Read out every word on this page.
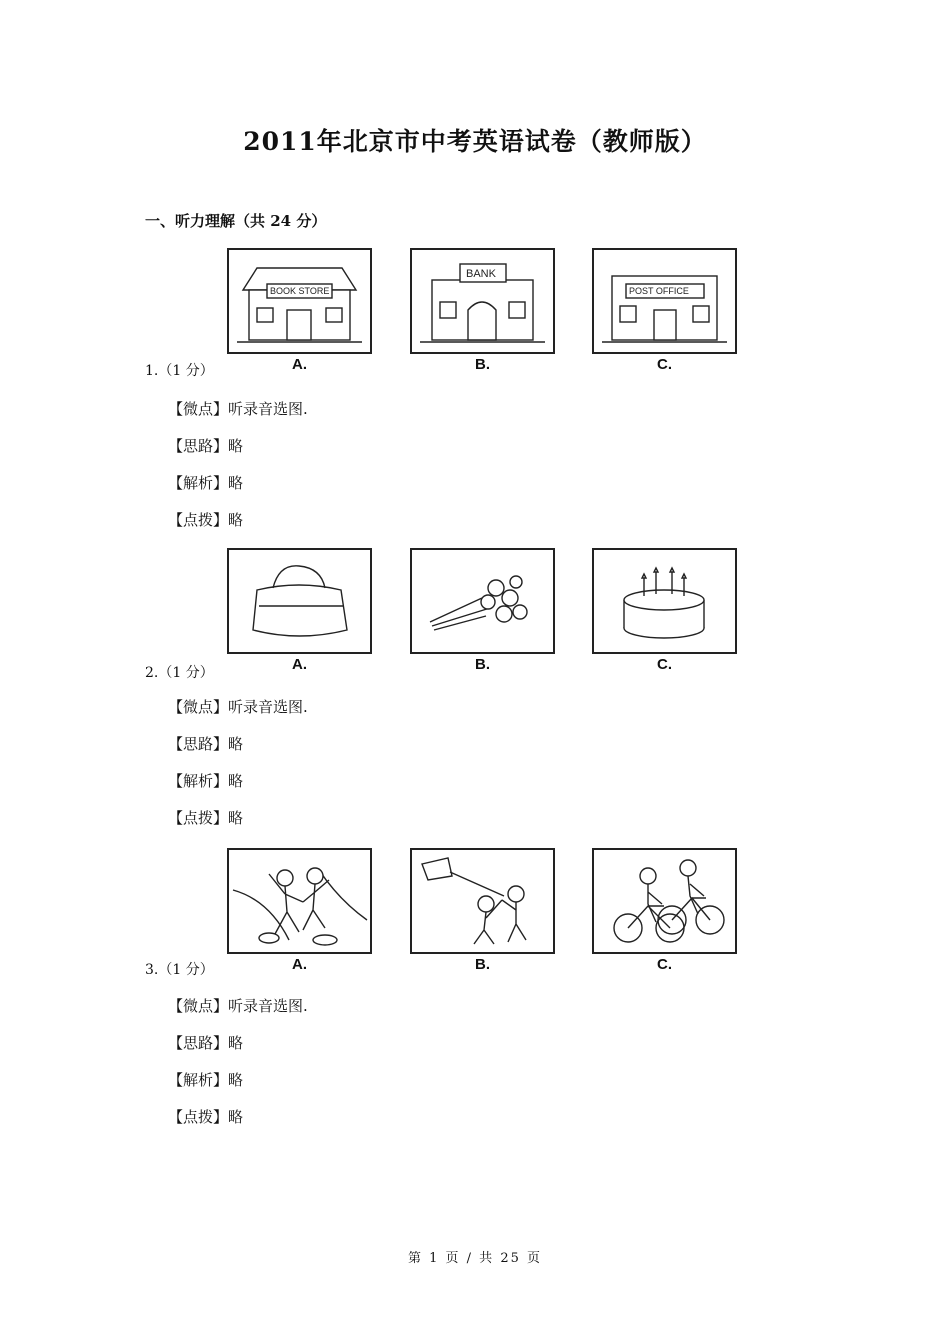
2011年北京市中考英语试卷（教师版）
一、听力理解（共 24 分）
BOOK STORE
A.
BANK
B.
POST OFFICE
C.
1.（1 分）
【微点】听录音选图.
【思路】略
【解析】略
【点拨】略
A.	B.	C.
2.（1 分）
【微点】听录音选图.
【思路】略
【解析】略
【点拨】略
A.	B.	C.
3.（1 分）
【微点】听录音选图.
【思路】略
【解析】略
【点拨】略
第 1 页 / 共 25 页
